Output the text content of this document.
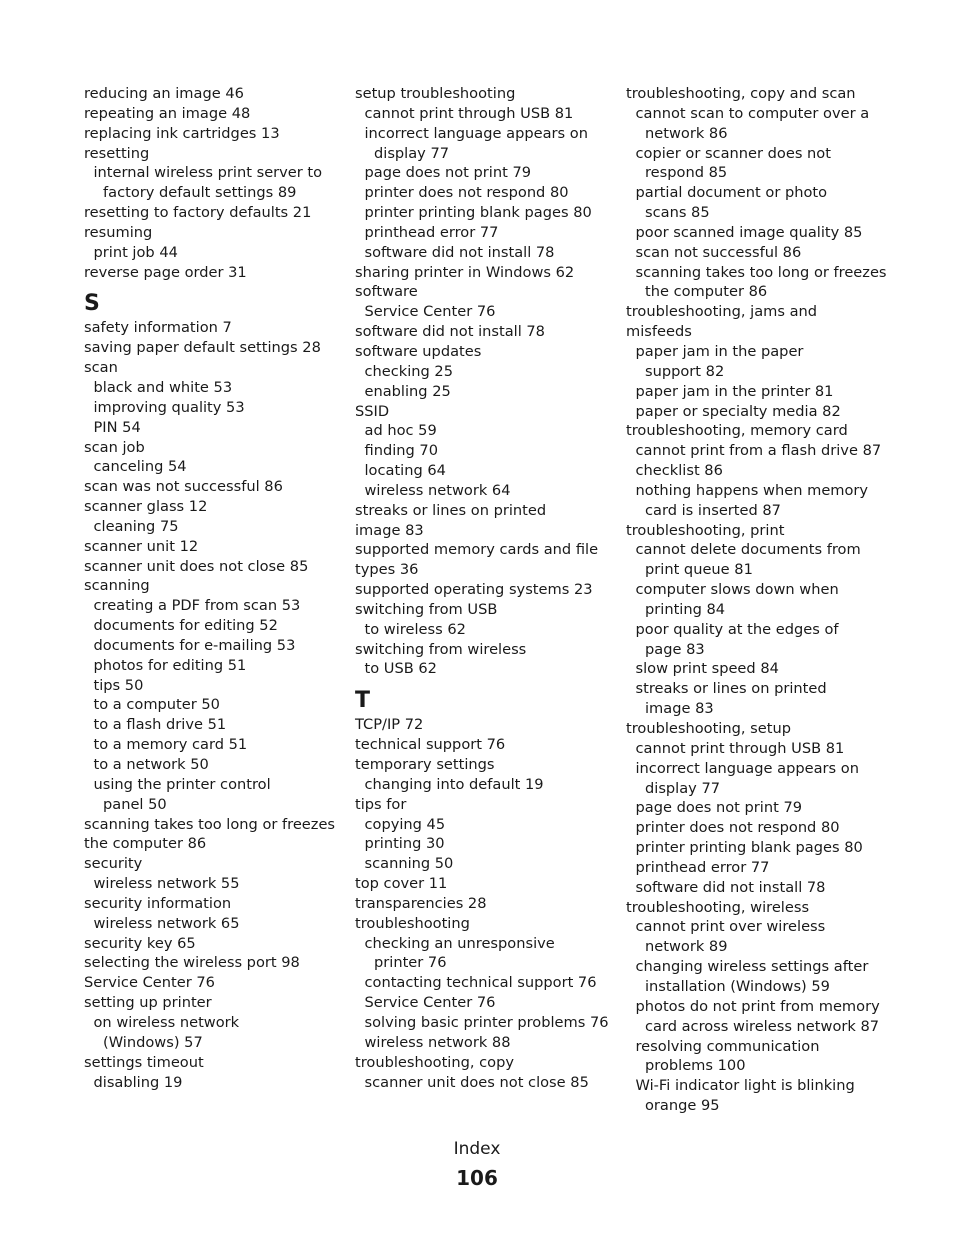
reducing an image 46
repeating an image 48
replacing ink cartridges 13
resetting
internal wireless print server to
factory default settings 89
resetting to factory defaults 21
resuming
print job 44
reverse page order 31
S
safety information 7
saving paper default settings 28
scan
black and white 53
improving quality 53
PIN 54
scan job
canceling 54
scan was not successful 86
scanner glass 12
cleaning 75
scanner unit 12
scanner unit does not close 85
scanning
creating a PDF from scan 53
documents for editing 52
documents for e-mailing 53
photos for editing 51
tips 50
to a computer 50
to a flash drive 51
to a memory card 51
to a network 50
using the printer control
panel 50
scanning takes too long or freezes
the computer 86
security
wireless network 55
security information
wireless network 65
security key 65
selecting the wireless port 98
Service Center 76
setting up printer
on wireless network
(Windows) 57
settings timeout
disabling 19
setup troubleshooting
cannot print through USB 81
incorrect language appears on
display 77
page does not print 79
printer does not respond 80
printer printing blank pages 80
printhead error 77
software did not install 78
sharing printer in Windows 62
software
Service Center 76
software did not install 78
software updates
checking 25
enabling 25
SSID
ad hoc 59
finding 70
locating 64
wireless network 64
streaks or lines on printed
image 83
supported memory cards and file
types 36
supported operating systems 23
switching from USB
to wireless 62
switching from wireless
to USB 62
T
TCP/IP 72
technical support 76
temporary settings
changing into default 19
tips for
copying 45
printing 30
scanning 50
top cover 11
transparencies 28
troubleshooting
checking an unresponsive
printer 76
contacting technical support 76
Service Center 76
solving basic printer problems 76
wireless network 88
troubleshooting, copy
scanner unit does not close 85
troubleshooting, copy and scan
cannot scan to computer over a
network 86
copier or scanner does not
respond 85
partial document or photo
scans 85
poor scanned image quality 85
scan not successful 86
scanning takes too long or freezes
the computer 86
troubleshooting, jams and
misfeeds
paper jam in the paper
support 82
paper jam in the printer 81
paper or specialty media 82
troubleshooting, memory card
cannot print from a flash drive 87
checklist 86
nothing happens when memory
card is inserted 87
troubleshooting, print
cannot delete documents from
print queue 81
computer slows down when
printing 84
poor quality at the edges of
page 83
slow print speed 84
streaks or lines on printed
image 83
troubleshooting, setup
cannot print through USB 81
incorrect language appears on
display 77
page does not print 79
printer does not respond 80
printer printing blank pages 80
printhead error 77
software did not install 78
troubleshooting, wireless
cannot print over wireless
network 89
changing wireless settings after
installation (Windows) 59
photos do not print from memory
card across wireless network 87
resolving communication
problems 100
Wi-Fi indicator light is blinking
orange 95
Index
106
